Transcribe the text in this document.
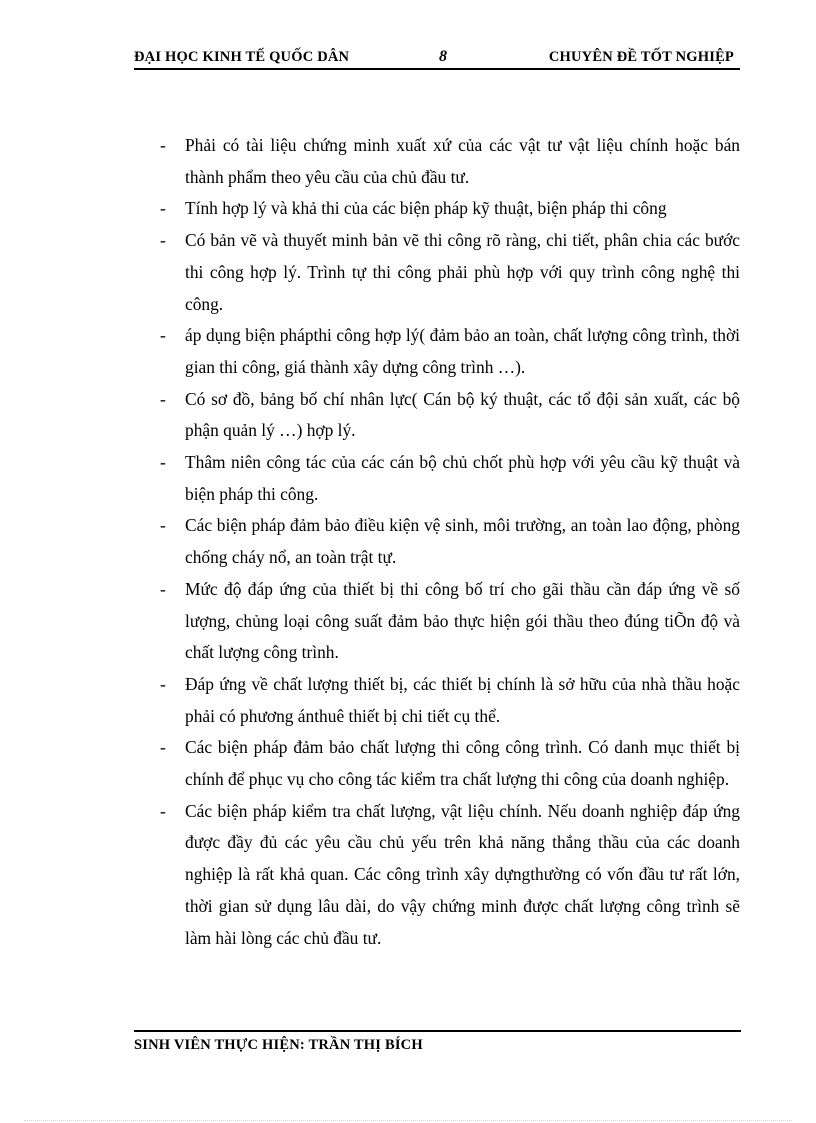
ĐẠI HỌC KINH TẾ QUỐC DÂN	8	CHUYÊN ĐỀ TỐT NGHIỆP
- Phải có tài liệu chứng minh xuất xứ của các vật tư vật liệu chính hoặc bán thành phẩm theo yêu cầu của chủ đầu tư.
- Tính hợp lý và khả thi của các biện pháp kỹ thuật, biện pháp thi công
- Có bản vẽ và thuyết minh bản vẽ thi công rõ ràng, chi tiết, phân chia các bước thi công hợp lý. Trình tự thi công phải phù hợp với quy trình công nghệ thi công.
- áp dụng biện phápthi công hợp lý( đảm bảo an toàn, chất lượng công trình, thời gian thi công, giá thành xây dựng công trình …).
- Có sơ đồ, bảng bố chí nhân lực( Cán bộ ký thuật, các tổ đội sản xuất, các bộ phận quản lý …) hợp lý.
- Thâm niên công tác của các cán bộ chủ chốt phù hợp với yêu cầu kỹ thuật và biện pháp thi công.
- Các biện pháp đảm bảo điều kiện vệ sinh, môi trường, an toàn lao động, phòng chống cháy nổ, an toàn trật tự.
- Mức độ đáp ứng của thiết bị thi công bố trí cho gãi thầu cần đáp ứng về số lượng, chủng loại công suất đảm bảo thực hiện gói thầu theo đúng tiÕn độ và chất lượng công trình.
- Đáp ứng về chất lượng thiết bị, các thiết bị chính là sở hữu của nhà thầu hoặc phải có phương ánthuê thiết bị chi tiết cụ thể.
- Các biện pháp đảm bảo chất lượng thi công công trình. Có danh mục thiết bị chính để phục vụ cho công tác kiểm tra chất lượng thi công của doanh nghiệp.
- Các biện pháp kiểm tra chất lượng, vật liệu chính. Nếu doanh nghiệp đáp ứng được đầy đủ các yêu cầu chủ yếu trên khả năng thắng thầu của các doanh nghiệp là rất khả quan. Các công trình xây dựngthường có vốn đầu tư rất lớn, thời gian sử dụng lâu dài, do vậy chứng minh được chất lượng công trình sẽ làm hài lòng các chủ đầu tư.
SINH VIÊN THỰC HIỆN: TRẦN THỊ BÍCH
